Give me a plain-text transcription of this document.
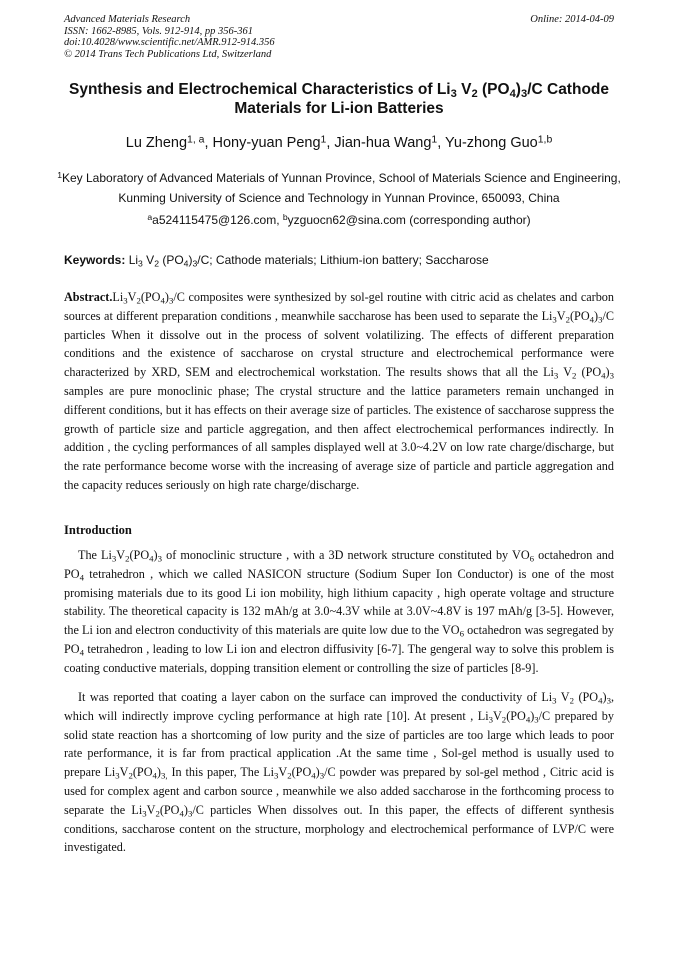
Advanced Materials Research
ISSN: 1662-8985, Vols. 912-914, pp 356-361
doi:10.4028/www.scientific.net/AMR.912-914.356
© 2014 Trans Tech Publications Ltd, Switzerland
Online: 2014-04-09
Synthesis and Electrochemical Characteristics of $Li_3$ $V_2$ $(PO_4)_3/C$ Cathode Materials for Li-ion Batteries
Lu Zheng$^{1, a}$, Hony-yuan Peng$^1$, Jian-hua Wang$^1$, Yu-zhong Guo$^{1,b}$
$^1$Key Laboratory of Advanced Materials of Yunnan Province, School of Materials Science and Engineering, Kunming University of Science and Technology in Yunnan Province, 650093, China
$^a$a524115475@126.com, $^b$yzguocn62@sina.com (corresponding author)
Keywords: $Li_3$ $V_2$ $(PO_4)_3/C$; Cathode materials; Lithium-ion battery; Saccharose

$Abstract.Li_3V_2(PO_4)_3/C$ composites were synthesized by sol-gel routine with citric acid as chelates and carbon sources at different preparation conditions , meanwhile saccharose has been used to separate the $Li_3V_2(PO_4)_3/C$ particles When it dissolve out in the process of solvent volatilizing. The effects of different preparation conditions and the existence of saccharose on crystal structure and electrochemical performance were characterized by XRD, SEM and electrochemical workstation. The results shows that all the $Li_3$ $V_2$ $(PO_4)_3$ samples are pure monoclinic phase; The crystal structure and the lattice parameters remain unchanged in different conditions, but it has effects on their average size of particles. The existence of saccharose suppress the growth of particle size and particle aggregation, and then affect electrochemical performances indirectly. In addition , the cycling performances of all samples displayed well at 3.0~4.2V on low rate charge/discharge, but the rate performance become worse with the increasing of average size of particle and particle aggregation and the capacity reduces seriously on high rate charge/discharge.

Introduction

The $Li_3V_2(PO_4)_3$ of monoclinic structure , with a 3D network structure constituted by $VO_6$ octahedron and $PO_4$ tetrahedron , which we called NASICON structure (Sodium Super Ion Conductor) is one of the most promising materials due to its good Li ion mobility, high lithium capacity , high operate voltage and structure stability. The theoretical capacity is 132 mAh/g at 3.0~4.3V while at 3.0V~4.8V is 197 mAh/g [3-5]. However, the Li ion and electron conductivity of this materials are quite low due to the $VO_6$ octahedron was segregated by $PO_4$ tetrahedron , leading to low Li ion and electron diffusivity [6-7]. The gengeral way to solve this problem is coating conductive materials, dopping transition element or controlling the size of particles [8-9].

It was reported that coating a layer cabon on the surface can improved the conductivity of $Li_3$ $V_2$ $(PO_4)_3$, which will indirectly improve cycling performance at high rate [10]. At present , $Li_3V_2(PO_4)_3/C$ prepared by solid state reaction has a shortcoming of low purity and the size of particles are too large which leads to poor rate performance, it is far from practical application .At the same time , Sol-gel method is usually used to prepare $Li_3V_2(PO_4)_{3,}$ In this paper, The $Li_3V_2(PO_4)_3/C$ powder was prepared by sol-gel method , Citric acid is used for complex agent and carbon source , meanwhile we also added saccharose in the forthcoming process to separate the $Li_3V_2(PO_4)_3/C$ particles When dissolves out. In this paper, the effects of different synthesis conditions, saccharose content on the structure, morphology and electrochemical performance of LVP/C were investigated.
